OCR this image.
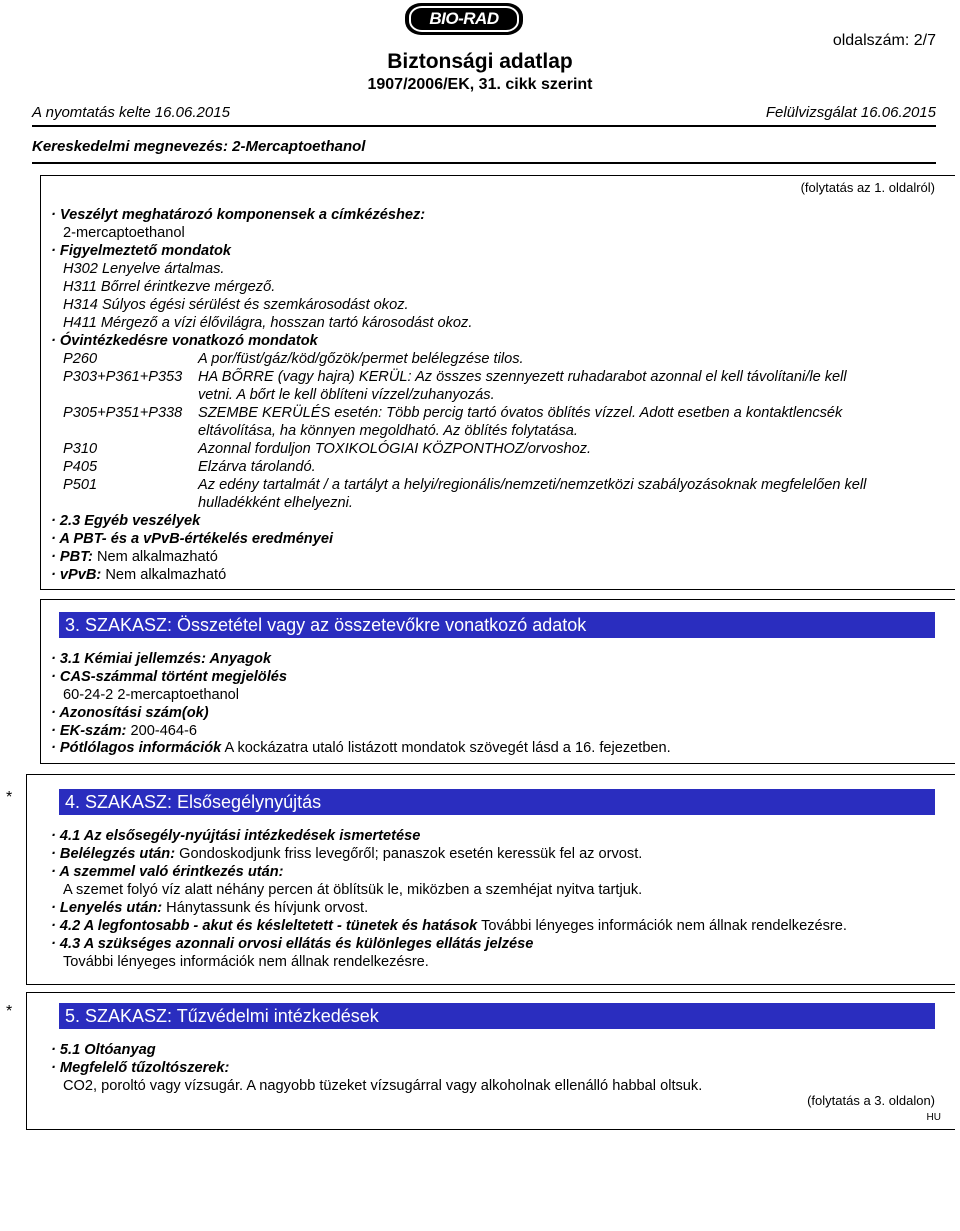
BIO-RAD
Biztonsági adatlap
1907/2006/EK, 31. cikk szerint
oldalszám: 2/7
A nyomtatás kelte 16.06.2015	Felülvizsgálat 16.06.2015
Kereskedelmi megnevezés: 2-Mercaptoethanol
(folytatás az 1. oldalról)
· Veszélyt meghatározó komponensek a címkézéshez:
2-mercaptoethanol
· Figyelmeztető mondatok
H302 Lenyelve ártalmas.
H311 Bőrrel érintkezve mérgező.
H314 Súlyos égési sérülést és szemkárosodást okoz.
H411 Mérgező a vízi élővilágra, hosszan tartó károsodást okoz.
· Óvintézkedésre vonatkozó mondatok
P260	A por/füst/gáz/köd/gőzök/permet belélegzése tilos.
P303+P361+P353 HA BŐRRE (vagy hajra) KERÜL: Az összes szennyezett ruhadarabot azonnal el kell távolítani/le kell
vetni. A bőrt le kell öblíteni vízzel/zuhanyozás.
P305+P351+P338 SZEMBE KERÜLÉS esetén: Több percig tartó óvatos öblítés vízzel. Adott esetben a kontaktlencsék
eltávolítása, ha könnyen megoldható. Az öblítés folytatása.
P310	Azonnal forduljon TOXIKOLÓGIAI KÖZPONTHOZ/orvoshoz.
P405	Elzárva tárolandó.
P501	Az edény tartalmát / a tartályt a helyi/regionális/nemzeti/nemzetközi szabályozásoknak megfelelően kell
hulladékként elhelyezni.
· 2.3 Egyéb veszélyek
· A PBT- és a vPvB-értékelés eredményei
· PBT: Nem alkalmazható
· vPvB: Nem alkalmazható
3. SZAKASZ: Összetétel vagy az összetevőkre vonatkozó adatok
· 3.1 Kémiai jellemzés: Anyagok
· CAS-számmal történt megjelölés
60-24-2 2-mercaptoethanol
· Azonosítási szám(ok)
· EK-szám: 200-464-6
· Pótlólagos információk A kockázatra utaló listázott mondatok szövegét lásd a 16. fejezetben.
*	4. SZAKASZ: Elsősegélynyújtás
· 4.1 Az elsősegély-nyújtási intézkedések ismertetése
· Belélegzés után: Gondoskodjunk friss levegőről; panaszok esetén keressük fel az orvost.
· A szemmel való érintkezés után:
A szemet folyó víz alatt néhány percen át öblítsük le, miközben a szemhéjat nyitva tartjuk.
· Lenyelés után: Hánytassunk és hívjunk orvost.
· 4.2 A legfontosabb - akut és késleltetett - tünetek és hatások További lényeges információk nem állnak rendelkezésre.
· 4.3 A szükséges azonnali orvosi ellátás és különleges ellátás jelzése
További lényeges információk nem állnak rendelkezésre.
*	5. SZAKASZ: Tűzvédelmi intézkedések
· 5.1 Oltóanyag
· Megfelelő tűzoltószerek:
CO2, poroltó vagy vízsugár. A nagyobb tüzeket vízsugárral vagy alkoholnak ellenálló habbal oltsuk.
(folytatás a 3. oldalon)
HU
